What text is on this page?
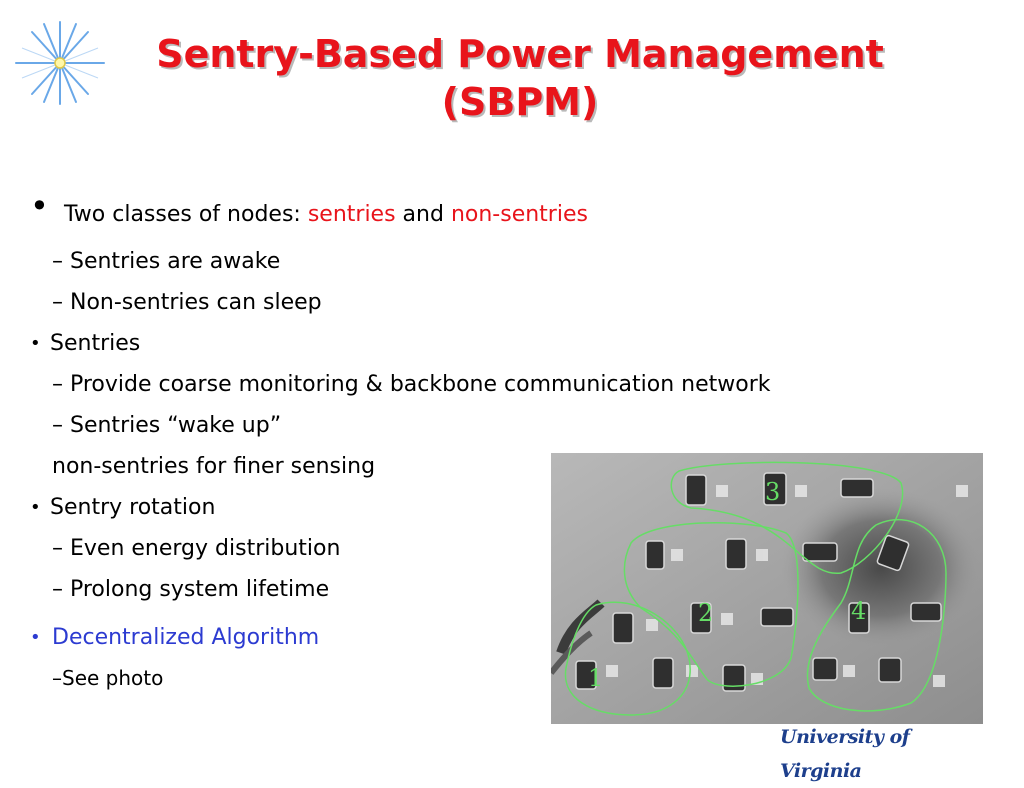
Sentry-Based Power Management
(SBPM)
• Two classes of nodes: sentries and non-sentries
– Sentries are awake
– Non-sentries can sleep
• Sentries
– Provide coarse monitoring & backbone communication network
– Sentries “wake up”
non-sentries for finer sensing
• Sentry rotation
– Even energy distribution
– Prolong system lifetime
• Decentralized Algorithm
–See photo	1
2
3
4
University of Virginia
